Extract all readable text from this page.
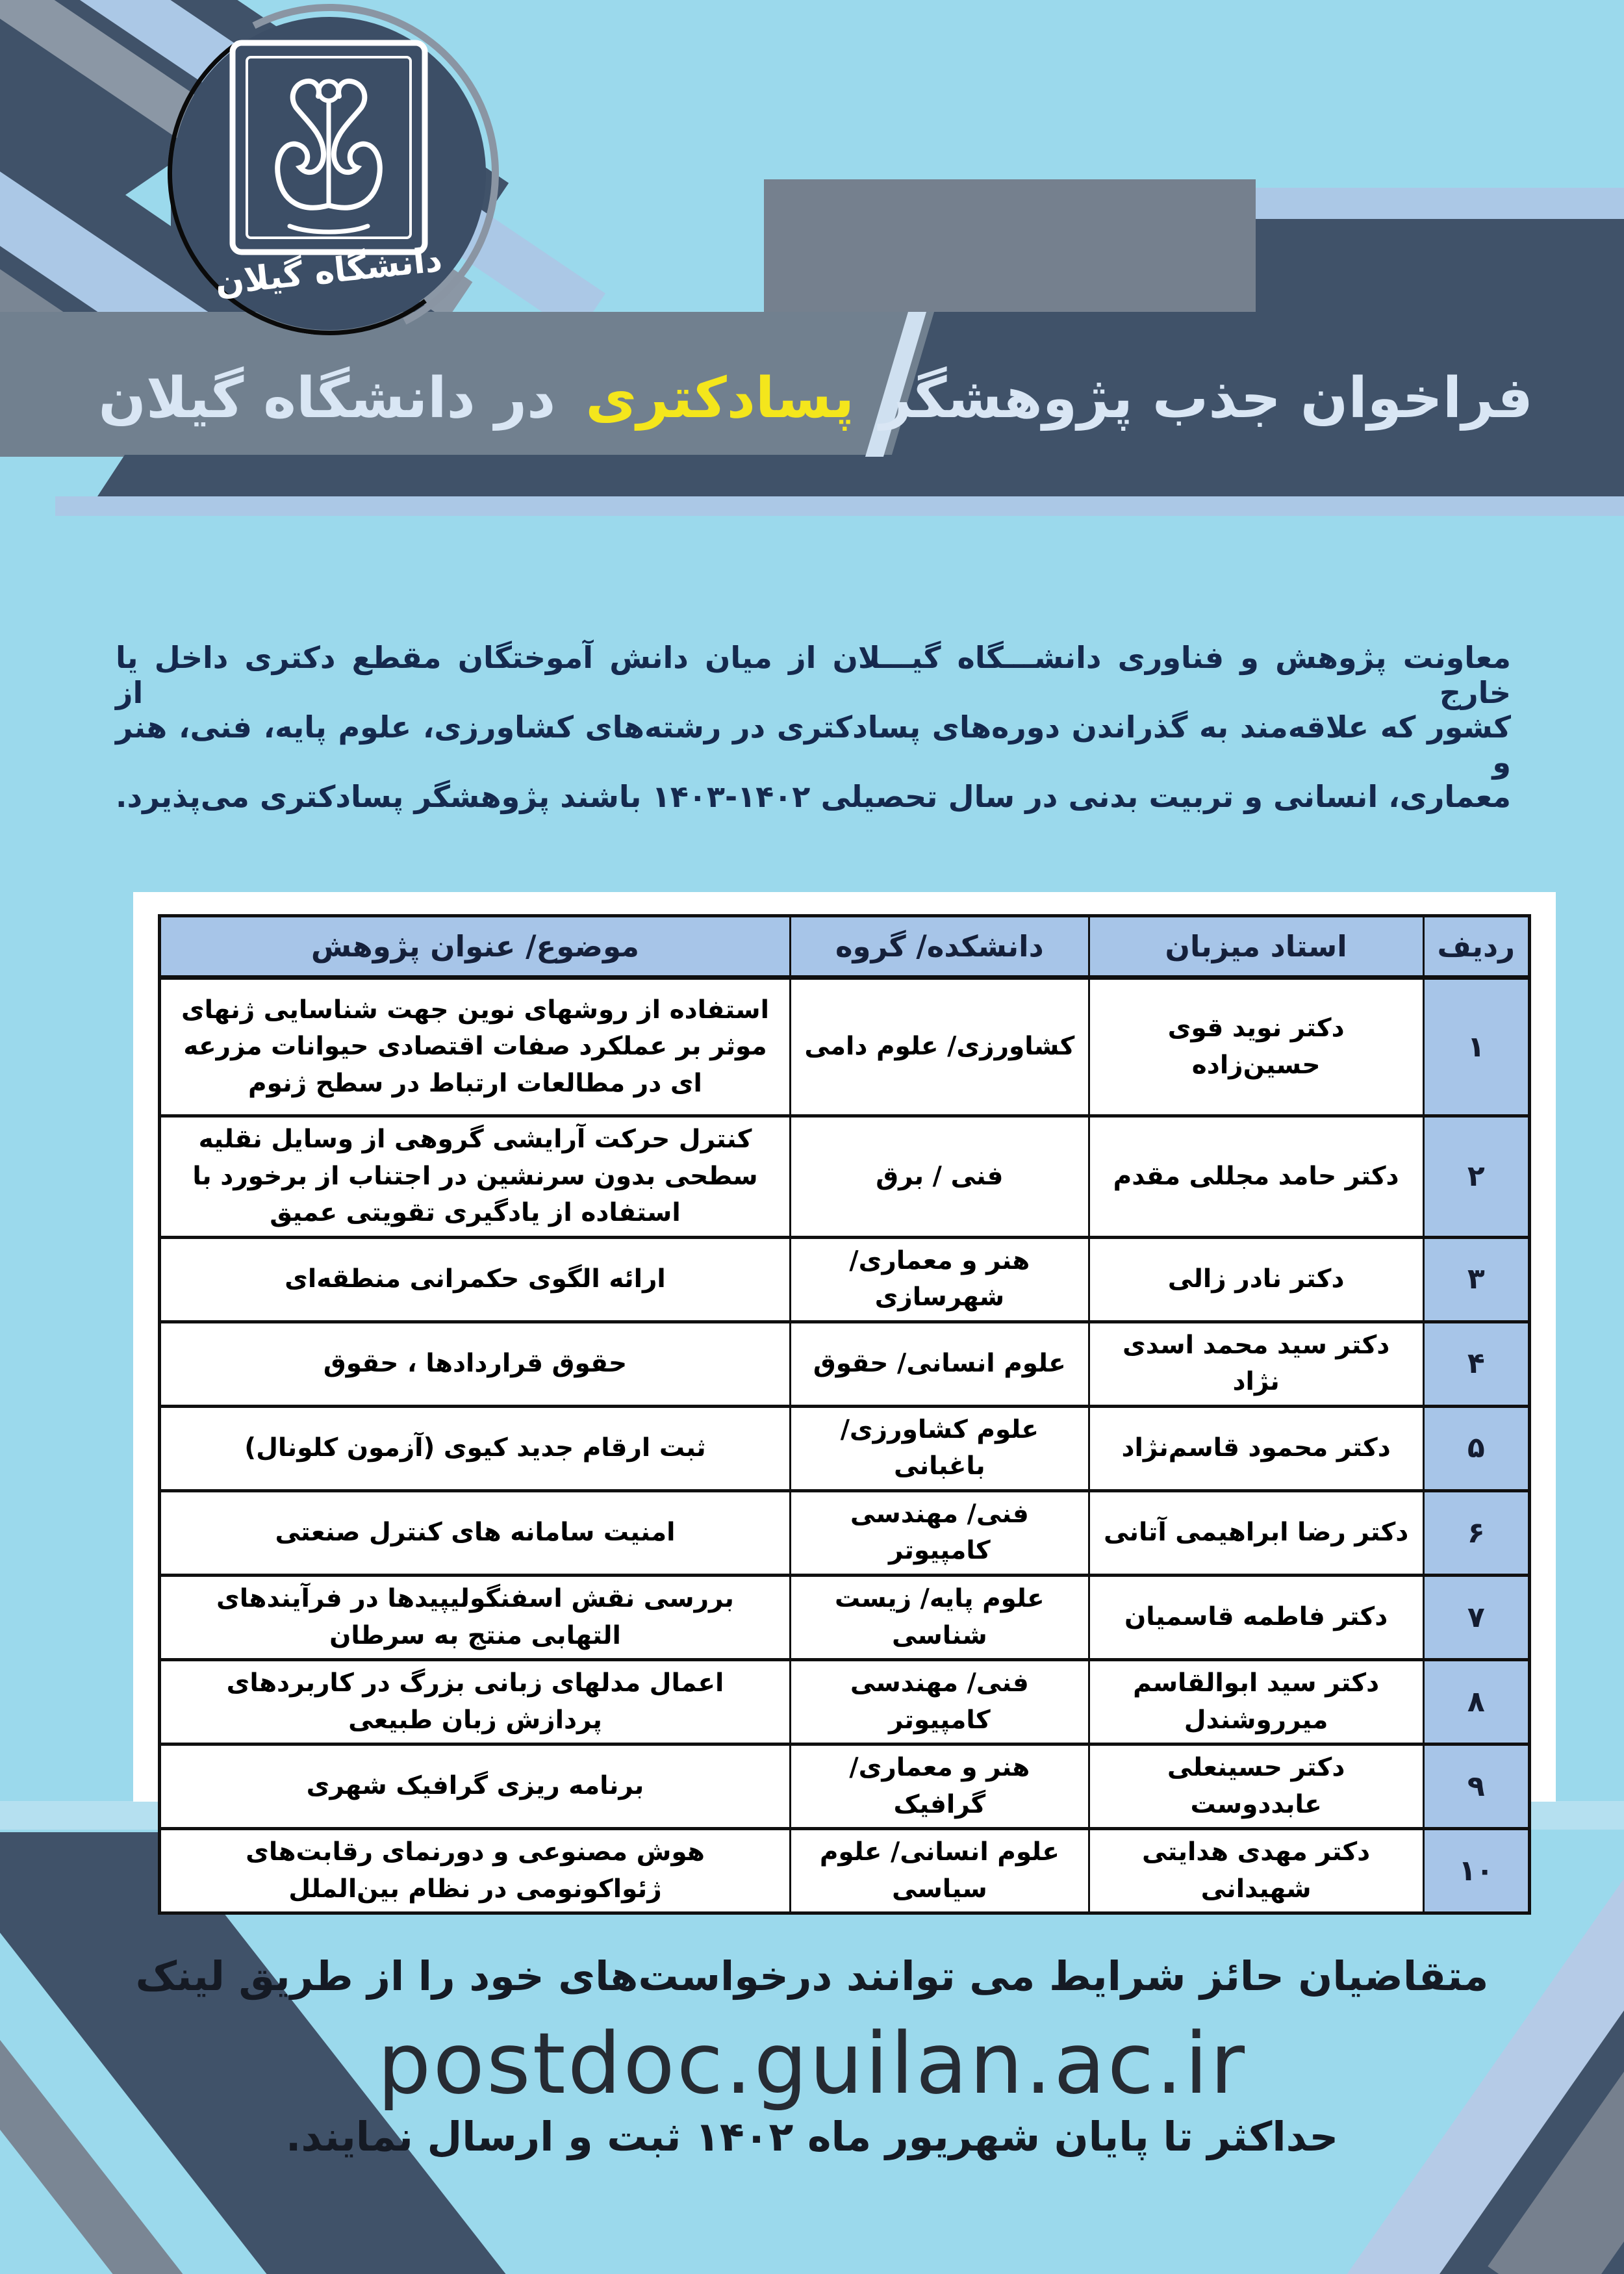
دانشگاه گیلان
فراخوان جذب پژوهشگر
پسادکتری
در دانشگاه گیلان
معاونت پژوهش و فناوری دانشـــگاه گیـــلان از میان دانش آموختگان مقطع دکتری داخل یا خارج از
کشور که علاقه‌مند به گذراندن دوره‌های پسادکتری در رشته‌های کشاورزی، علوم پایه، فنی، هنر و
معماری، انسانی و تربیت بدنی در سال تحصیلی ۱۴۰۲-۱۴۰۳ باشند پژوهشگر پسادکتری می‌پذیرد.
ردیف	استاد میزبان	دانشکده/ گروه	موضوع/ عنوان پژوهش
۱	دکتر نوید قوی حسین‌زاده	کشاورزی/ علوم دامی	استفاده از روشهای نوین جهت شناسایی ژنهای موثر بر عملکرد صفات اقتصادی حیوانات مزرعه ای در مطالعات ارتباط در سطح ژنوم
۲	دکتر حامد مجللی مقدم	فنی / برق	کنترل حرکت آرایشی گروهی از وسایل نقلیه سطحی بدون سرنشین در اجتناب از برخورد با استفاده از یادگیری تقویتی عمیق
۳	دکتر نادر زالی	هنر و معماری/ شهرسازی	ارائه الگوی حکمرانی منطقه‌ای
۴	دکتر سید محمد اسدی نژاد	علوم انسانی/ حقوق	حقوق قراردادها ، حقوق
۵	دکتر محمود قاسم‌نژاد	علوم کشاورزی/ باغبانی	ثبت ارقام جدید کیوی (آزمون کلونال)
۶	دکتر رضا ابراهیمی آتانی	فنی/ مهندسی کامپیوتر	امنیت سامانه های کنترل صنعتی
۷	دکتر فاطمه قاسمیان	علوم پایه/ زیست شناسی	بررسی نقش اسفنگولیپیدها در فرآیندهای التهابی منتج به سرطان
۸	دکتر سید ابوالقاسم میرروشندل	فنی/ مهندسی کامپیوتر	اعمال مدلهای زبانی بزرگ در کاربردهای پردازش زبان طبیعی
۹	دکتر حسینعلی عابددوست	هنر و معماری/ گرافیک	برنامه ریزی گرافیک شهری
۱۰	دکتر مهدی هدایتی شهیدانی	علوم انسانی/ علوم سیاسی	هوش مصنوعی و دورنمای رقابت‌های ژئواکونومی در نظام بین‌الملل
متقاضیان حائز شرایط می توانند درخواست‌های خود را از طریق لینک
postdoc.guilan.ac.ir
حداکثر تا پایان شهریور ماه ۱۴۰۲ ثبت و ارسال نمایند.
